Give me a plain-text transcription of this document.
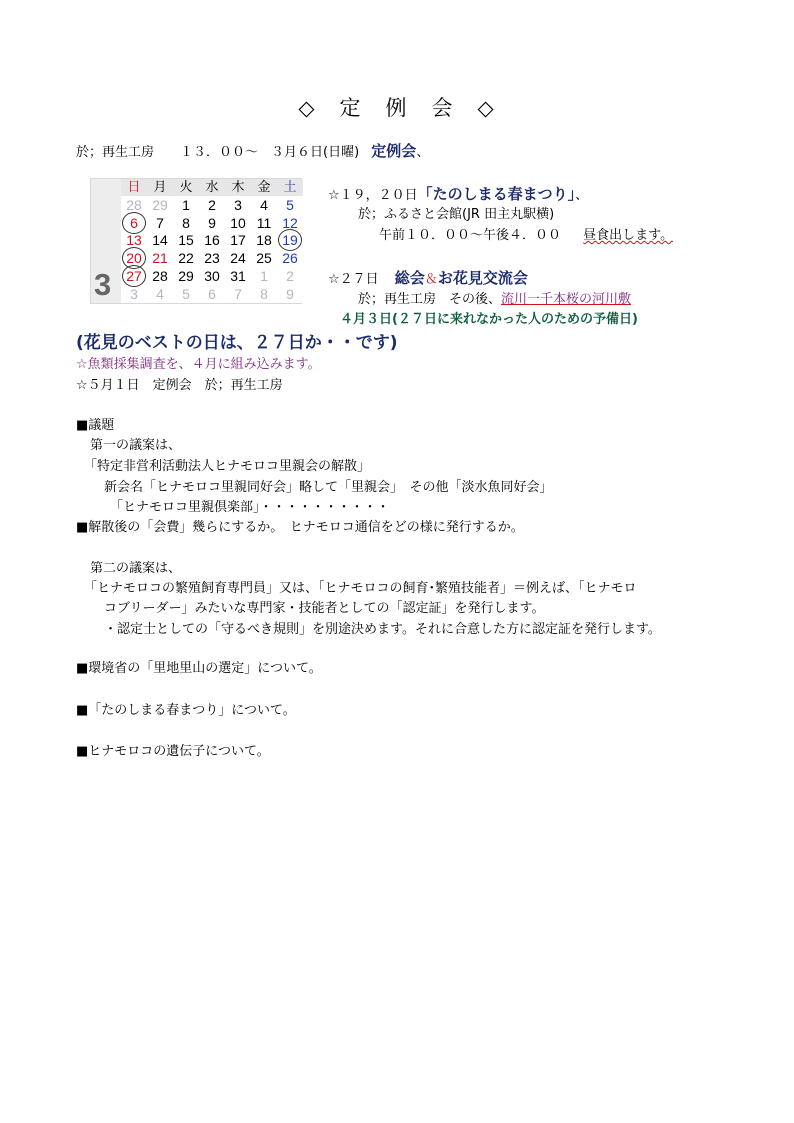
◇　定　例　会　◇
於；再生工房　　１３．００～　３月６日(日曜) 定例会、
3
日 月 火 水 木 金 土
28 29	1	2	3	4	5
6	7	8	9	10 11 12
13 14 15 16 17 18 19
20 21 22 23 24 25 26
27 28 29 30 31	1	2
3	4	5	6	7	8	9
☆１９，２０日「たのしまる春まつり」、
於；ふるさと会館(JR 田主丸駅横)
午前１０．００～午後４．００ 昼食出します。
☆２７日 総会＆お花見交流会
於；再生工房　その後、流川一千本桜の河川敷
４月３日(２７日に来れなかった人のための予備日)
(花見のベストの日は、２７日か・・です)
☆魚類採集調査を、４月に組み込みます。
☆５月１日　定例会　於；再生工房
■議題
第一の議案は、
「特定非営利活動法人ヒナモロコ里親会の解散」
新会名「ヒナモロコ里親同好会」略して「里親会」　その他「淡水魚同好会」
「ヒナモロコ里親倶楽部」・・・・・・・・・・
■解散後の「会費」幾らにするか。　ヒナモロコ通信をどの様に発行するか。
第二の議案は、
「ヒナモロコの繁殖飼育専門員」又は、「ヒナモロコの飼育･繁殖技能者」＝例えば、「ヒナモロ
コブリーダー」みたいな専門家・技能者としての「認定証」を発行します。
・認定士としての「守るべき規則」を別途決めます。それに合意した方に認定証を発行します。
■環境省の「里地里山の選定」について。
■「たのしまる春まつり」について。
■ヒナモロコの遺伝子について。
